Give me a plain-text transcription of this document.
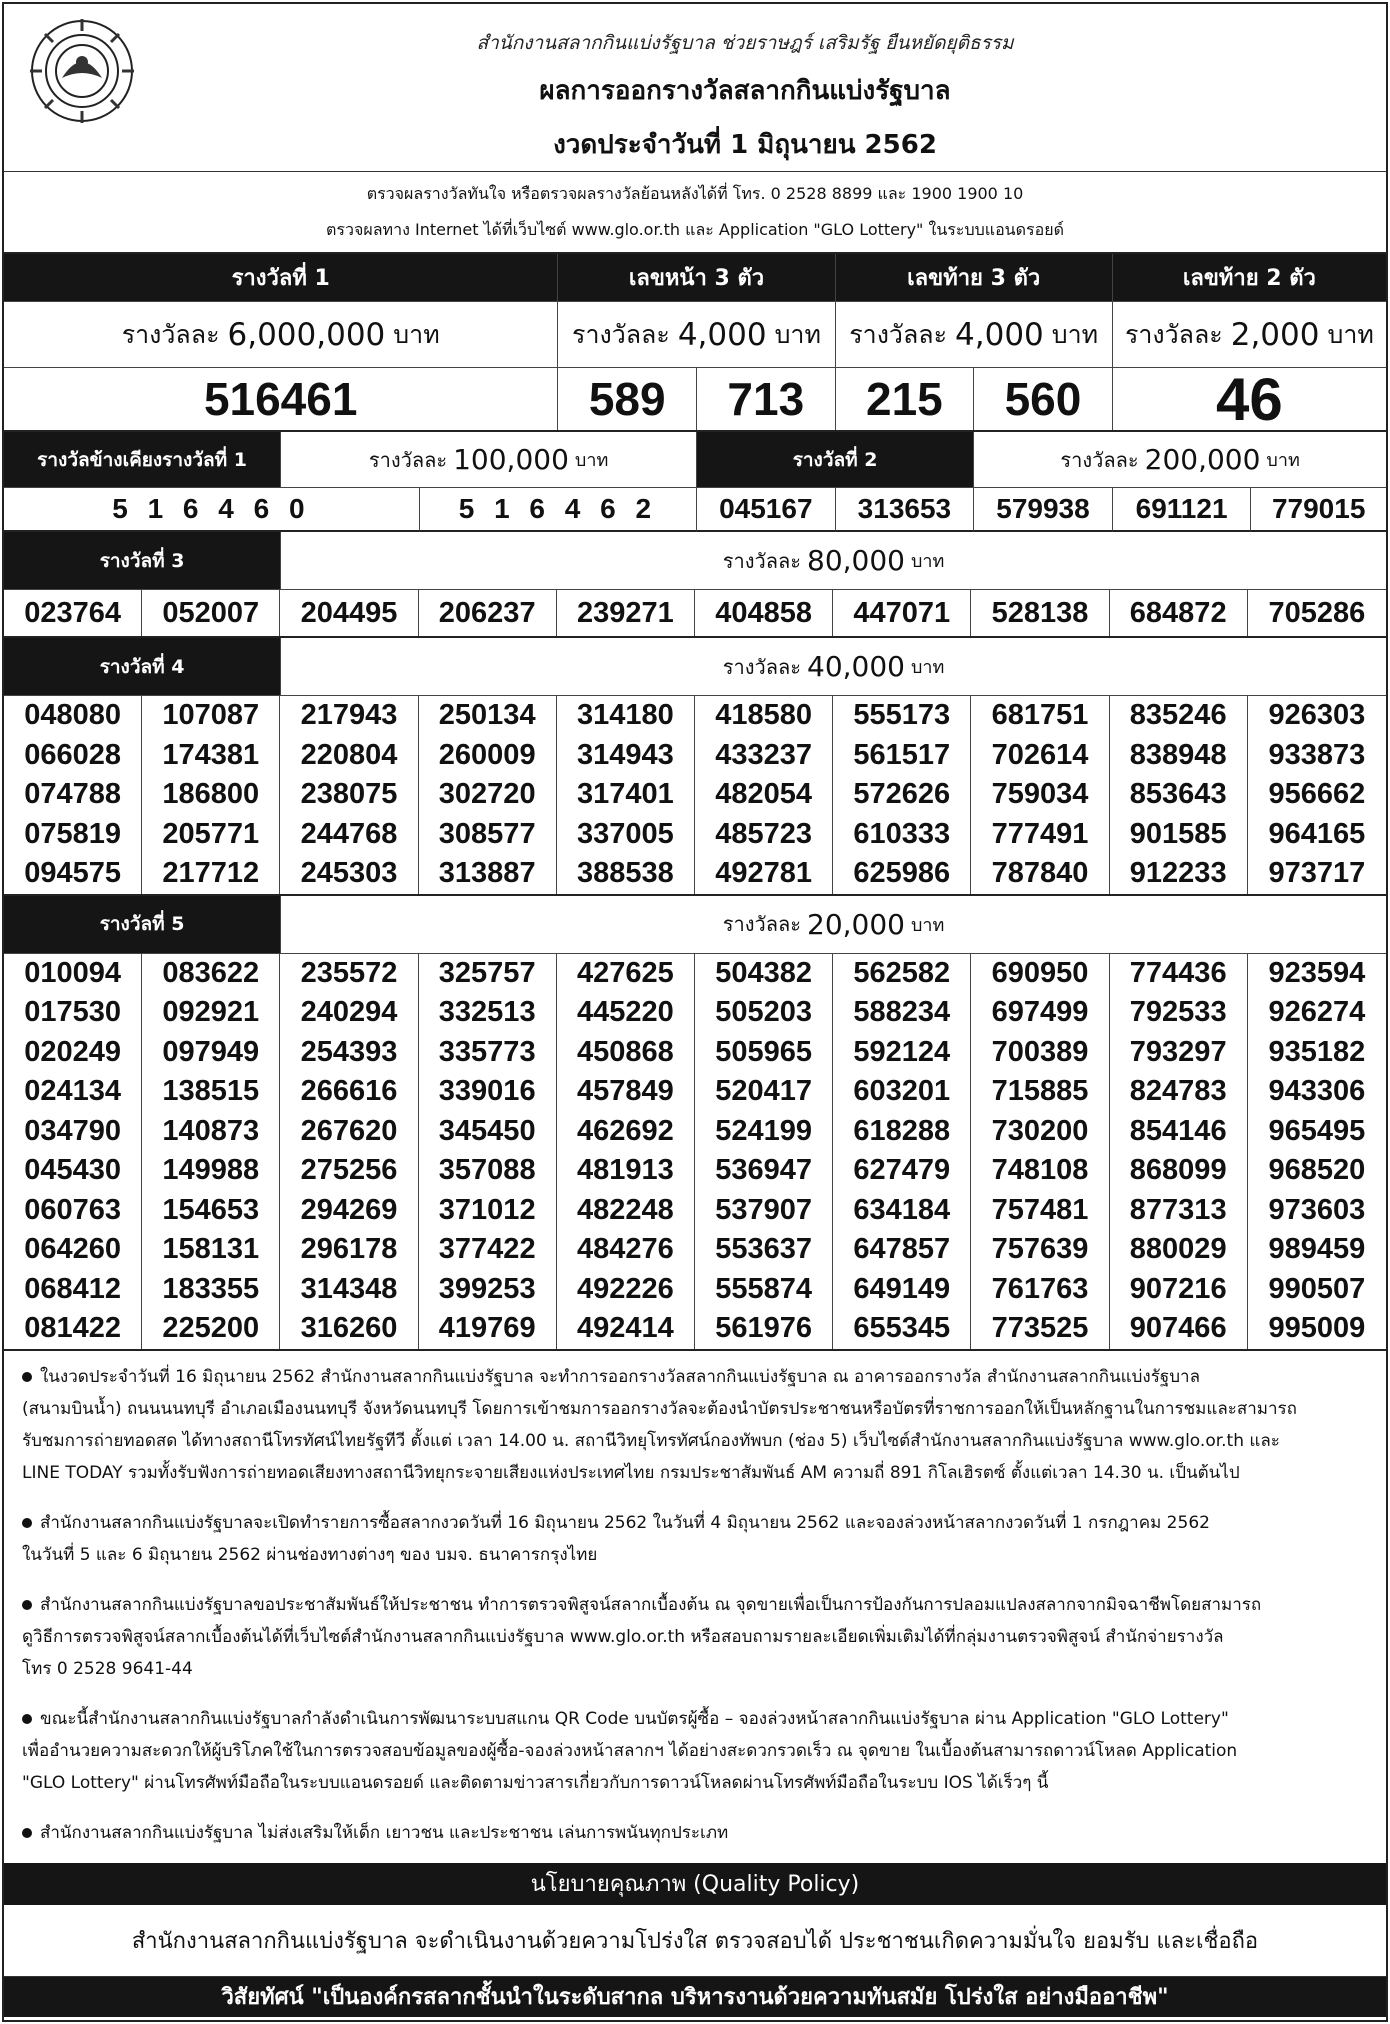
สำนักงานสลากกินแบ่งรัฐบาล ช่วยราษฎร์ เสริมรัฐ ยืนหยัดยุติธรรม
ผลการออกรางวัลสลากกินแบ่งรัฐบาล
งวดประจำวันที่ 1 มิถุนายน 2562
ตรวจผลรางวัลทันใจ หรือตรวจผลรางวัลย้อนหลังได้ที่ โทร. 0 2528 8899 และ 1900 1900 10
ตรวจผลทาง Internet ได้ที่เว็บไซต์ www.glo.or.th และ Application "GLO Lottery" ในระบบแอนดรอยด์
รางวัลที่ 1	เลขหน้า 3 ตัว	เลขท้าย 3 ตัว	เลขท้าย 2 ตัว
รางวัลละ 6,000,000 บาท	รางวัลละ 4,000 บาท รางวัลละ 4,000 บาท รางวัลละ 2,000 บาท
516461	589	713	215	560	46
รางวัลข้างเคียงรางวัลที่ 1	รางวัลละ 100,000 บาท	รางวัลที่ 2	รางวัลละ 200,000 บาท
5 1 6 4 6 0	5 1 6 4 6 2	045167	313653	579938	691121	779015
รางวัลที่ 3	รางวัลละ 80,000 บาท
023764	052007	204495	206237	239271	404858	447071	528138	684872	705286
รางวัลที่ 4	รางวัลละ 40,000 บาท
048080	107087	217943	250134	314180	418580	555173	681751	835246	926303
066028	174381	220804	260009	314943	433237	561517	702614	838948	933873
074788	186800	238075	302720	317401	482054	572626	759034	853643	956662
075819	205771	244768	308577	337005	485723	610333	777491	901585	964165
094575	217712	245303	313887	388538	492781	625986	787840	912233	973717
รางวัลที่ 5	รางวัลละ 20,000 บาท
010094	083622	235572	325757	427625	504382	562582	690950	774436	923594
017530	092921	240294	332513	445220	505203	588234	697499	792533	926274
020249	097949	254393	335773	450868	505965	592124	700389	793297	935182
024134	138515	266616	339016	457849	520417	603201	715885	824783	943306
034790	140873	267620	345450	462692	524199	618288	730200	854146	965495
045430	149988	275256	357088	481913	536947	627479	748108	868099	968520
060763	154653	294269	371012	482248	537907	634184	757481	877313	973603
064260	158131	296178	377422	484276	553637	647857	757639	880029	989459
068412	183355	314348	399253	492226	555874	649149	761763	907216	990507
081422	225200	316260	419769	492414	561976	655345	773525	907466	995009
ในงวดประจำวันที่ 16 มิถุนายน 2562 สำนักงานสลากกินแบ่งรัฐบาล จะทำการออกรางวัลสลากกินแบ่งรัฐบาล ณ อาคารออกรางวัล สำนักงานสลากกินแบ่งรัฐบาล
(สนามบินน้ำ) ถนนนนทบุรี อำเภอเมืองนนทบุรี จังหวัดนนทบุรี โดยการเข้าชมการออกรางวัลจะต้องนำบัตรประชาชนหรือบัตรที่ราชการออกให้เป็นหลักฐานในการชมและสามารถ
รับชมการถ่ายทอดสด ได้ทางสถานีโทรทัศน์ไทยรัฐทีวี ตั้งแต่ เวลา 14.00 น. สถานีวิทยุโทรทัศน์กองทัพบก (ช่อง 5) เว็บไซต์สำนักงานสลากกินแบ่งรัฐบาล www.glo.or.th และ
LINE TODAY รวมทั้งรับฟังการถ่ายทอดเสียงทางสถานีวิทยุกระจายเสียงแห่งประเทศไทย กรมประชาสัมพันธ์ AM ความถี่ 891 กิโลเฮิรตซ์ ตั้งแต่เวลา 14.30 น. เป็นต้นไป
สำนักงานสลากกินแบ่งรัฐบาลจะเปิดทำรายการซื้อสลากงวดวันที่ 16 มิถุนายน 2562 ในวันที่ 4 มิถุนายน 2562 และจองล่วงหน้าสลากงวดวันที่ 1 กรกฎาคม 2562
ในวันที่ 5 และ 6 มิถุนายน 2562 ผ่านช่องทางต่างๆ ของ บมจ. ธนาคารกรุงไทย
สำนักงานสลากกินแบ่งรัฐบาลขอประชาสัมพันธ์ให้ประชาชน ทำการตรวจพิสูจน์สลากเบื้องต้น ณ จุดขายเพื่อเป็นการป้องกันการปลอมแปลงสลากจากมิจฉาชีพโดยสามารถ
ดูวิธีการตรวจพิสูจน์สลากเบื้องต้นได้ที่เว็บไซต์สำนักงานสลากกินแบ่งรัฐบาล www.glo.or.th หรือสอบถามรายละเอียดเพิ่มเติมได้ที่กลุ่มงานตรวจพิสูจน์ สำนักจ่ายรางวัล
โทร 0 2528 9641-44
ขณะนี้สำนักงานสลากกินแบ่งรัฐบาลกำลังดำเนินการพัฒนาระบบสแกน QR Code บนบัตรผู้ซื้อ – จองล่วงหน้าสลากกินแบ่งรัฐบาล ผ่าน Application "GLO Lottery"
เพื่ออำนวยความสะดวกให้ผู้บริโภคใช้ในการตรวจสอบข้อมูลของผู้ซื้อ-จองล่วงหน้าสลากฯ ได้อย่างสะดวกรวดเร็ว ณ จุดขาย ในเบื้องต้นสามารถดาวน์โหลด Application
"GLO Lottery" ผ่านโทรศัพท์มือถือในระบบแอนดรอยด์ และติดตามข่าวสารเกี่ยวกับการดาวน์โหลดผ่านโทรศัพท์มือถือในระบบ IOS ได้เร็วๆ นี้
สำนักงานสลากกินแบ่งรัฐบาล ไม่ส่งเสริมให้เด็ก เยาวชน และประชาชน เล่นการพนันทุกประเภท
นโยบายคุณภาพ (Quality Policy)
สำนักงานสลากกินแบ่งรัฐบาล จะดำเนินงานด้วยความโปร่งใส ตรวจสอบได้ ประชาชนเกิดความมั่นใจ ยอมรับ และเชื่อถือ
วิสัยทัศน์ "เป็นองค์กรสลากชั้นนำในระดับสากล บริหารงานด้วยความทันสมัย โปร่งใส อย่างมืออาชีพ"
